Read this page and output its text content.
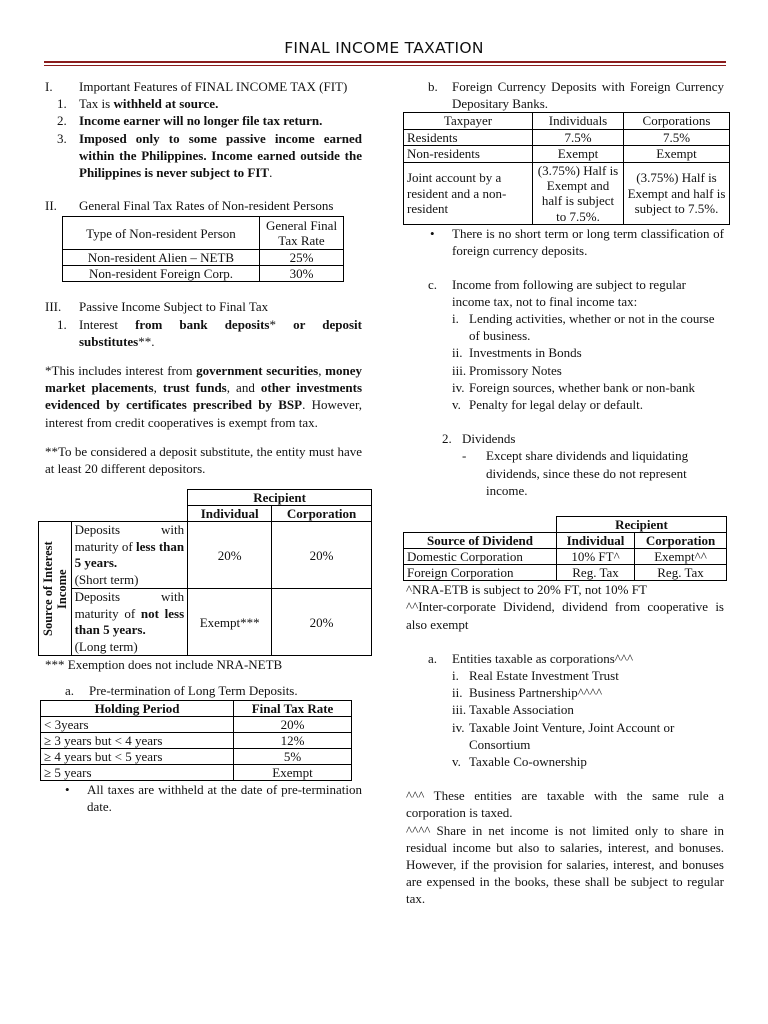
FINAL INCOME TAXATION
I.	Important Features of FINAL INCOME TAX (FIT)
1. Tax is withheld at source.
2. Income earner will no longer file tax return.
3. Imposed only to some passive income earned within the Philippines. Income earned outside the Philippines is never subject to FIT.
II.	General Final Tax Rates of Non-resident Persons
Type of Non-resident Person	General Final Tax Rate
Non-resident Alien – NETB	25%
Non-resident Foreign Corp.	30%
III.	Passive Income Subject to Final Tax
1. Interest from bank deposits* or deposit substitutes**.

*This includes interest from government securities, money market placements, trust funds, and other investments evidenced by certificates prescribed by BSP. However, interest from credit cooperatives is exempt from tax.

**To be considered a deposit substitute, the entity must have at least 20 different depositors.

		Recipient	
		Individual	Corporation

Source of Interest Income	Deposits with maturity of less than 5 years.
(Short term)	20%	20%
	Deposits with maturity of not less than 5 years.
(Long term)	Exempt***	20%

*** Exemption does not include NRA-NETB

a.	Pre-termination of Long Term Deposits.
Holding Period	Final Tax Rate
< 3years	20%
≥ 3 years but < 4 years	12%
≥ 4 years but < 5 years	5%
≥ 5 years	Exempt
•	All taxes are withheld at the date of pre-termination date.
b.	Foreign Currency Deposits with Foreign Currency Depositary Banks.
Taxpayer	Individuals	Corporations
Residents	7.5%	7.5%
Non-residents	Exempt	Exempt
Joint account by a resident and a non-resident	(3.75%) Half is Exempt and half is subject to 7.5%.	(3.75%) Half is Exempt and half is subject to 7.5%.
•	There is no short term or long term classification of foreign currency deposits.
c.	Income from following are subject to regular income tax, not to final income tax:
i. Lending activities, whether or not in the course of business.
ii. Investments in Bonds
iii. Promissory Notes
iv. Foreign sources, whether bank or non-bank
v. Penalty for legal delay or default.
2. Dividends
-	Except share dividends and liquidating dividends, since these do not represent income.
	Recipient	
Source of Dividend	Individual	Corporation
Domestic Corporation	10% FT^	Exempt^^
Foreign Corporation	Reg. Tax	Reg. Tax

^NRA-ETB is subject to 20% FT, not 10% FT

^^Inter-corporate Dividend, dividend from cooperative is also exempt

a.	Entities taxable as corporations^^^
i. Real Estate Investment Trust
ii. Business Partnership^^^^
iii. Taxable Association
iv. Taxable Joint Venture, Joint Account or Consortium
v. Taxable Co-ownership

^^^ These entities are taxable with the same rule a corporation is taxed.

^^^^ Share in net income is not limited only to share in residual income but also to salaries, interest, and bonuses. However, if the provision for salaries, interest, and bonuses are expensed in the books, these shall be subject to regular tax.
